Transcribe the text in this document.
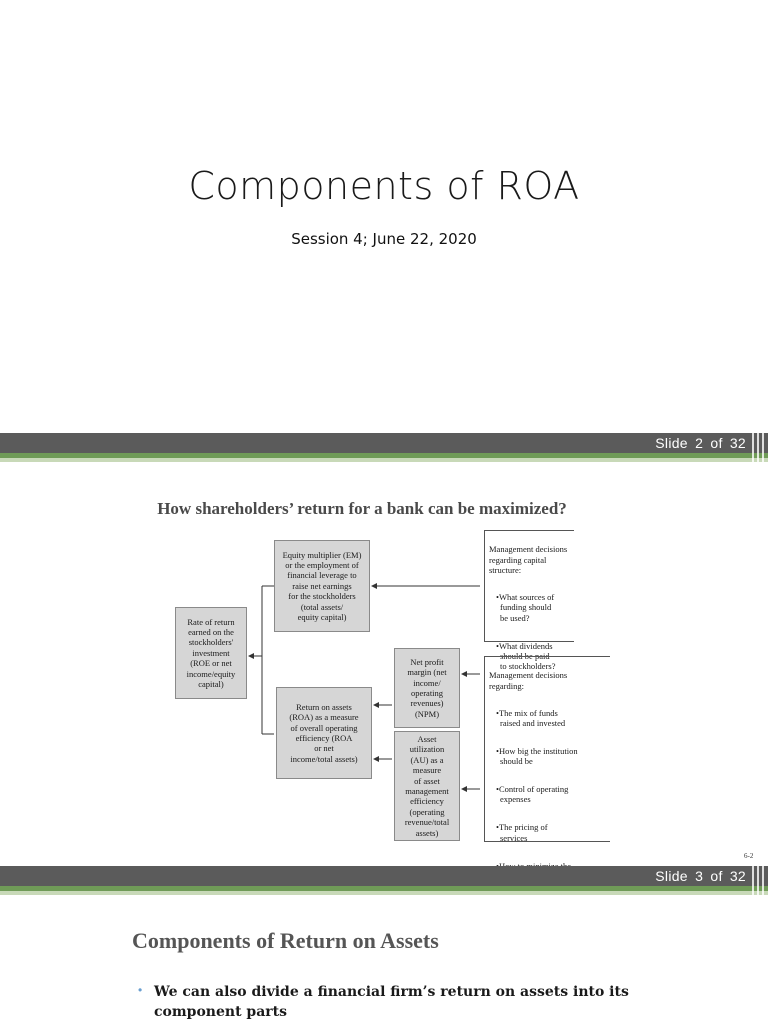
Components of ROA
Session 4; June 22, 2020
Slide 2 of 32
How shareholders’ return for a bank can be maximized?
Rate of return
earned on the
stockholders'
investment
(ROE or net
income/equity
capital)
Equity multiplier (EM)
or the employment of
financial leverage to
raise net earnings
for the stockholders
(total assets/
equity capital)
Return on assets
(ROA) as a measure
of overall operating
efficiency (ROA
or net
income/total assets)
Net profit
margin (net
income/
operating
revenues)
(NPM)
Asset
utilization
(AU) as a
measure
of asset
management
efficiency
(operating
revenue/total
assets)

Management decisions
regarding capital structure:

•What sources of
funding should
be used?

•What dividends
should be paid
to stockholders?

Management decisions
regarding:

•The mix of funds
raised and invested

•How big the institution
should be

•Control of operating
expenses

•The pricing of
services

6-2
Slide 3 of 32
Components of Return on Assets
• We can also divide a financial firm’s return on assets into its component parts
